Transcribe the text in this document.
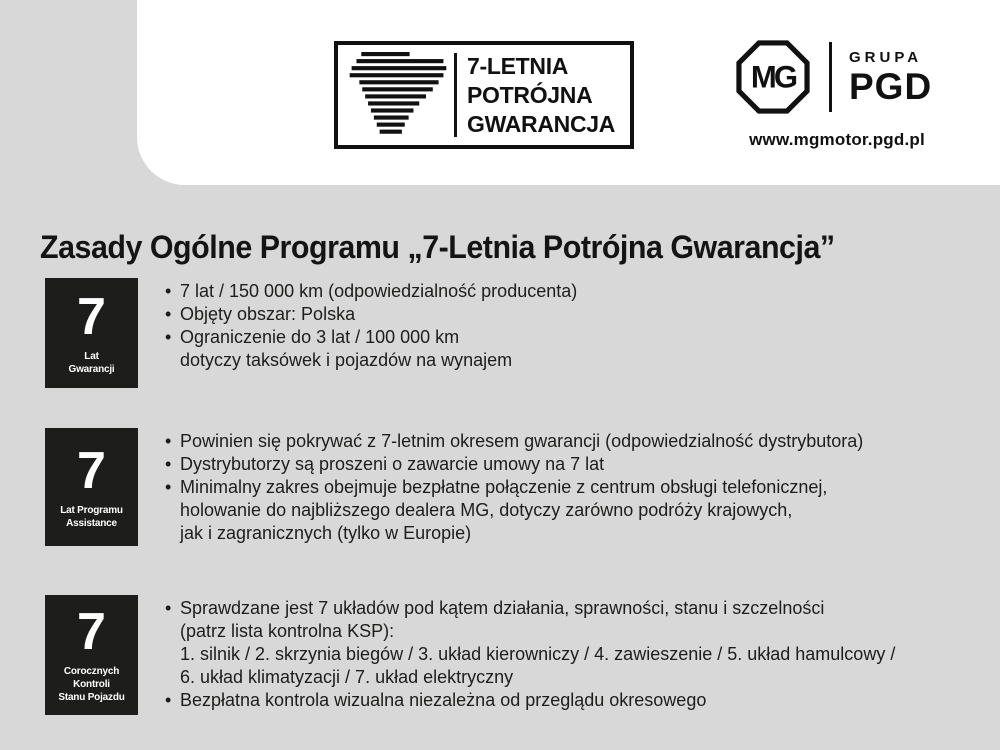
7-LETNIA
POTRÓJNA
GWARANCJA
MG
GRUPA
PGD
www.mgmotor.pgd.pl
Zasady Ogólne Programu „7-Letnia Potrójna Gwarancja”
7
Lat
Gwarancji
• 7 lat / 150 000 km (odpowiedzialność producenta)
• Objęty obszar: Polska
• Ograniczenie do 3 lat / 100 000 km
dotyczy taksówek i pojazdów na wynajem
7
Lat Programu
Assistance
• Powinien się pokrywać z 7-letnim okresem gwarancji (odpowiedzialność dystrybutora)
• Dystrybutorzy są proszeni o zawarcie umowy na 7 lat
• Minimalny zakres obejmuje bezpłatne połączenie z centrum obsługi telefonicznej,
holowanie do najbliższego dealera MG, dotyczy zarówno podróży krajowych,
jak i zagranicznych (tylko w Europie)
7
Corocznych Kontroli
Stanu Pojazdu
• Sprawdzane jest 7 układów pod kątem działania, sprawności, stanu i szczelności
(patrz lista kontrolna KSP):
1. silnik / 2. skrzynia biegów / 3. układ kierowniczy / 4. zawieszenie / 5. układ hamulcowy /
6. układ klimatyzacji / 7. układ elektryczny
• Bezpłatna kontrola wizualna niezależna od przeglądu okresowego
